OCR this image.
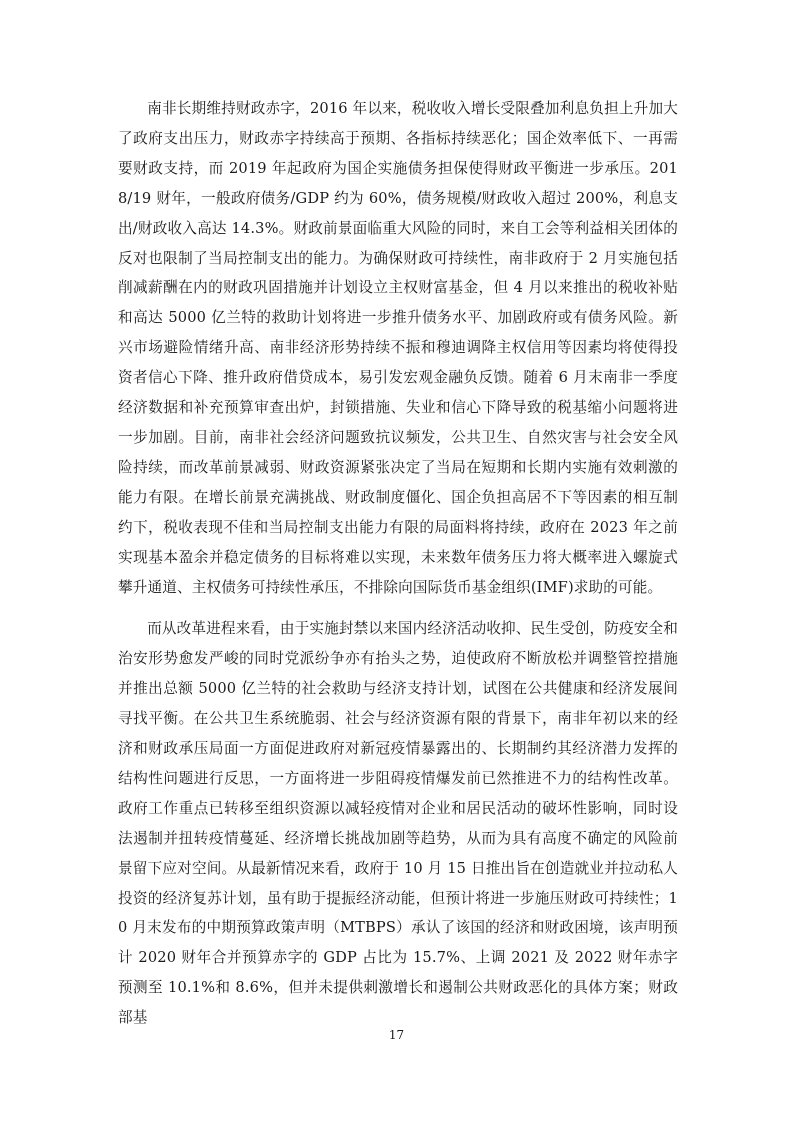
南非长期维持财政赤字，2016 年以来，税收收入增长受限叠加利息负担上升加大了政府支出压力，财政赤字持续高于预期、各指标持续恶化；国企效率低下、一再需要财政支持，而 2019 年起政府为国企实施债务担保使得财政平衡进一步承压。2018/19 财年，一般政府债务/GDP 约为 60%，债务规模/财政收入超过 200%，利息支出/财政收入高达 14.3%。财政前景面临重大风险的同时，来自工会等利益相关团体的反对也限制了当局控制支出的能力。为确保财政可持续性，南非政府于 2 月实施包括削减薪酬在内的财政巩固措施并计划设立主权财富基金，但 4 月以来推出的税收补贴和高达 5000 亿兰特的救助计划将进一步推升债务水平、加剧政府或有债务风险。新兴市场避险情绪升高、南非经济形势持续不振和穆迪调降主权信用等因素均将使得投资者信心下降、推升政府借贷成本，易引发宏观金融负反馈。随着 6 月末南非一季度经济数据和补充预算审查出炉，封锁措施、失业和信心下降导致的税基缩小问题将进一步加剧。目前，南非社会经济问题致抗议频发，公共卫生、自然灾害与社会安全风险持续，而改革前景减弱、财政资源紧张决定了当局在短期和长期内实施有效刺激的能力有限。在增长前景充满挑战、财政制度僵化、国企负担高居不下等因素的相互制约下，税收表现不佳和当局控制支出能力有限的局面料将持续，政府在 2023 年之前实现基本盈余并稳定债务的目标将难以实现，未来数年债务压力将大概率进入螺旋式攀升通道、主权债务可持续性承压，不排除向国际货币基金组织(IMF)求助的可能。

而从改革进程来看，由于实施封禁以来国内经济活动收抑、民生受创，防疫安全和治安形势愈发严峻的同时党派纷争亦有抬头之势，迫使政府不断放松并调整管控措施并推出总额 5000 亿兰特的社会救助与经济支持计划，试图在公共健康和经济发展间寻找平衡。在公共卫生系统脆弱、社会与经济资源有限的背景下，南非年初以来的经济和财政承压局面一方面促进政府对新冠疫情暴露出的、长期制约其经济潜力发挥的结构性问题进行反思，一方面将进一步阻碍疫情爆发前已然推进不力的结构性改革。政府工作重点已转移至组织资源以减轻疫情对企业和居民活动的破坏性影响，同时设法遏制并扭转疫情蔓延、经济增长挑战加剧等趋势，从而为具有高度不确定的风险前景留下应对空间。从最新情况来看，政府于 10 月 15 日推出旨在创造就业并拉动私人投资的经济复苏计划，虽有助于提振经济动能，但预计将进一步施压财政可持续性；10 月末发布的中期预算政策声明（MTBPS）承认了该国的经济和财政困境，该声明预计 2020 财年合并预算赤字的 GDP 占比为 15.7%、上调 2021 及 2022 财年赤字预测至 10.1%和 8.6%，但并未提供刺激增长和遏制公共财政恶化的具体方案；财政部基

17
